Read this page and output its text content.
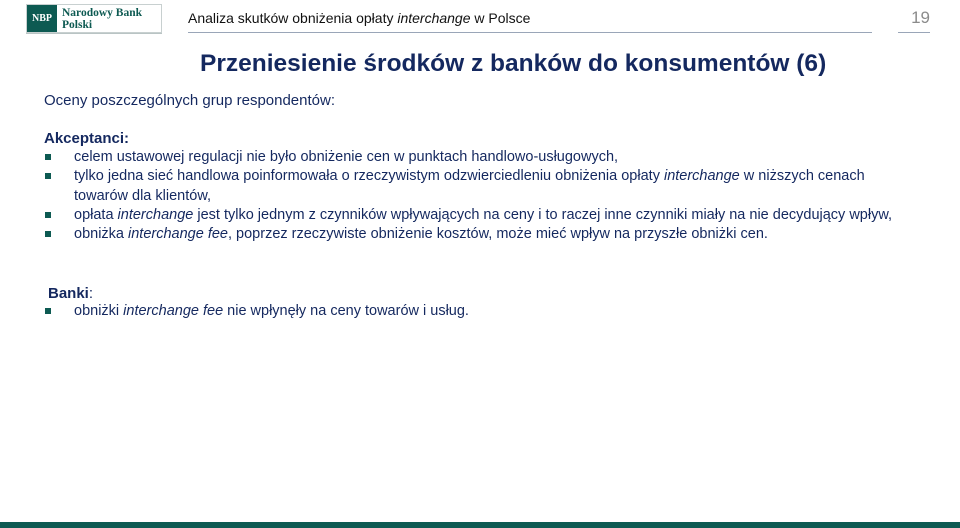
NBP Narodowy Bank Polski	Analiza skutków obniżenia opłaty interchange w Polsce	19
Przeniesienie środków z banków do konsumentów (6)
Oceny poszczególnych grup respondentów:
Akceptanci:
celem ustawowej regulacji nie było obniżenie cen w punktach handlowo-usługowych,
tylko jedna sieć handlowa poinformowała o rzeczywistym odzwierciedleniu obniżenia opłaty interchange w niższych cenach towarów dla klientów,
opłata interchange jest tylko jednym z czynników wpływających na ceny i to raczej inne czynniki miały na nie decydujący wpływ,
obniżka interchange fee, poprzez rzeczywiste obniżenie kosztów, może mieć wpływ na przyszłe obniżki cen.
Banki:
obniżki interchange fee nie wpłynęły na ceny towarów i usług.
